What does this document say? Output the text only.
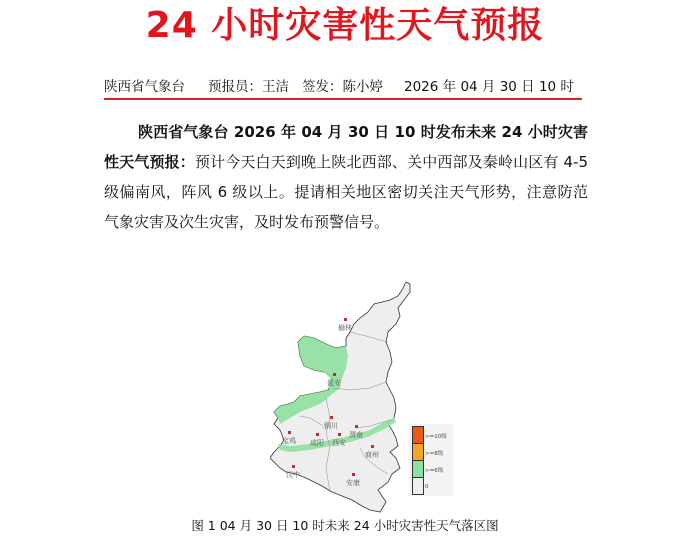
24 小时灾害性天气预报
陕西省气象台 预报员：王洁 签发：陈小婷 2026 年 04 月 30 日 10 时

陕西省气象台 2026 年 04 月 30 日 10 时发布未来 24 小时灾害性天气预报：预计今天白天到晚上陕北西部、关中西部及秦岭山区有 4-5 级偏南风，阵风 6 级以上。提请相关地区密切关注天气形势，注意防范气象灾害及次生灾害，及时发布预警信号。

榆林
延安
铜川
渭南
宝鸡 咸阳 西安
商州
汉中
安康
>=10级
>=8级
>=6级
0
图 1 04 月 30 日 10 时未来 24 小时灾害性天气落区图
